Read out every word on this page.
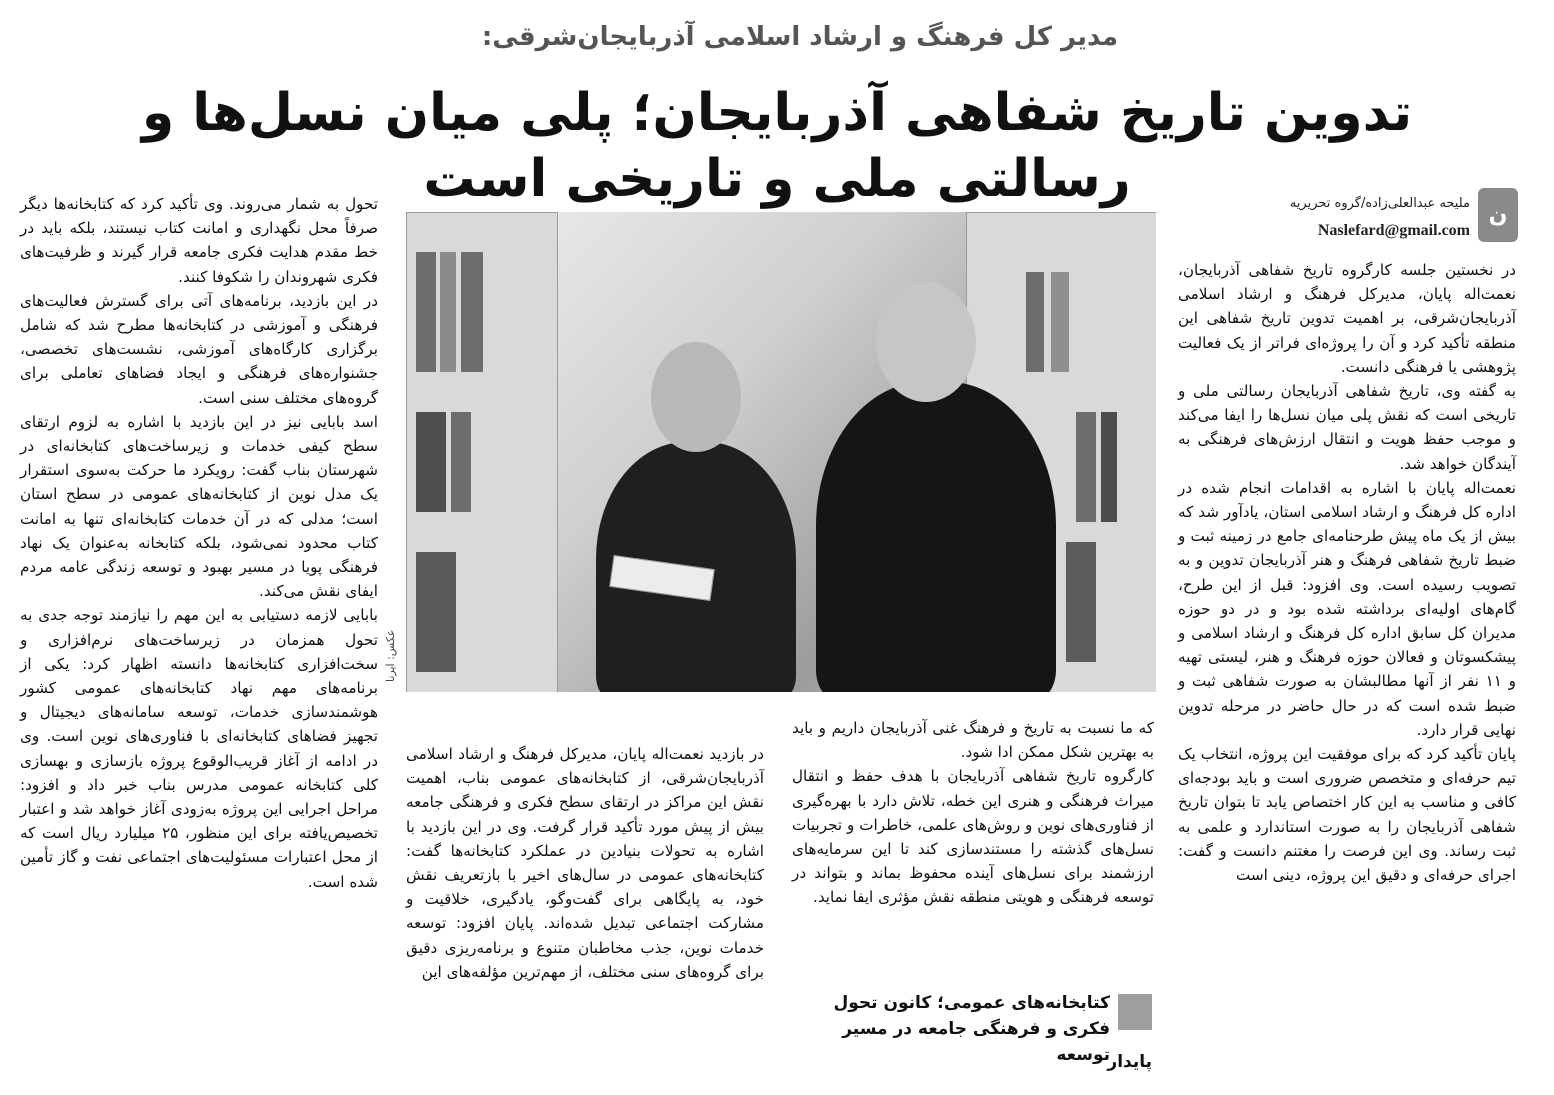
مدیر کل فرهنگ و ارشاد اسلامی آذربایجان‌شرقی:
تدوین تاریخ شفاهی آذربایجان؛ پلی میان نسل‌ها و رسالتی ملی و تاریخی است
ن
ملیحه عبدالعلی‌زاده/گروه تحریریه
Naslefard@gmail.com

در نخستین جلسه کارگروه تاریخ شفاهی آذربایجان، نعمت‌اله پایان، مدیرکل فرهنگ و ارشاد اسلامی آذربایجان‌شرقی، بر اهمیت تدوین تاریخ شفاهی این منطقه تأکید کرد و آن را پروژه‌ای فراتر از یک فعالیت پژوهشی یا فرهنگی دانست.

به گفته وی، تاریخ شفاهی آذربایجان رسالتی ملی و تاریخی است که نقش پلی میان نسل‌ها را ایفا می‌کند و موجب حفظ هویت و انتقال ارزش‌های فرهنگی به آیندگان خواهد شد.

نعمت‌اله پایان با اشاره به اقدامات انجام شده در اداره کل فرهنگ و ارشاد اسلامی استان، یادآور شد که بیش از یک ماه پیش طرحنامه‌ای جامع در زمینه ثبت و ضبط تاریخ شفاهی فرهنگ و هنر آذربایجان تدوین و به تصویب رسیده است. وی افزود: قبل از این طرح، گام‌های اولیه‌ای برداشته شده بود و در دو حوزه مدیران کل سابق اداره کل فرهنگ و ارشاد اسلامی و پیشکسوتان و فعالان حوزه فرهنگ و هنر، لیستی تهیه و ۱۱ نفر از آنها مطالبشان به صورت شفاهی ثبت و ضبط شده است که در حال حاضر در مرحله تدوین نهایی قرار دارد.

پایان تأکید کرد که برای موفقیت این پروژه، انتخاب یک تیم حرفه‌ای و متخصص ضروری است و باید بودجه‌ای کافی و مناسب به این کار اختصاص یابد تا بتوان تاریخ شفاهی آذربایجان را به صورت استاندارد و علمی به ثبت رساند. وی این فرصت را مغتنم دانست و گفت: اجرای حرفه‌ای و دقیق این پروژه، دینی است

عکس: ایرنا

که ما نسبت به تاریخ و فرهنگ غنی آذربایجان داریم و باید به بهترین شکل ممکن ادا شود.

کارگروه تاریخ شفاهی آذربایجان با هدف حفظ و انتقال میراث فرهنگی و هنری این خطه، تلاش دارد با بهره‌گیری از فناوری‌های نوین و روش‌های علمی، خاطرات و تجربیات نسل‌های گذشته را مستندسازی کند تا این سرمایه‌های ارزشمند برای نسل‌های آینده محفوظ بماند و بتواند در توسعه فرهنگی و هویتی منطقه نقش مؤثری ایفا نماید.

کتابخانه‌های عمومی؛ کانون تحول فکری و فرهنگی جامعه در مسیر توسعه
پایدار

در بازدید نعمت‌اله پایان، مدیرکل فرهنگ و ارشاد اسلامی آذربایجان‌شرقی، از کتابخانه‌های عمومی بناب، اهمیت نقش این مراکز در ارتقای سطح فکری و فرهنگی جامعه بیش از پیش مورد تأکید قرار گرفت. وی در این بازدید با اشاره به تحولات بنیادین در عملکرد کتابخانه‌ها گفت: کتابخانه‌های عمومی در سال‌های اخیر با بازتعریف نقش خود، به پایگاهی برای گفت‌وگو، یادگیری، خلاقیت و مشارکت اجتماعی تبدیل شده‌اند. پایان افزود: توسعه خدمات نوین، جذب مخاطبان متنوع و برنامه‌ریزی دقیق برای گروه‌های سنی مختلف، از مهم‌ترین مؤلفه‌های این

تحول به شمار می‌روند. وی تأکید کرد که کتابخانه‌ها دیگر صرفاً محل نگهداری و امانت کتاب نیستند، بلکه باید در خط مقدم هدایت فکری جامعه قرار گیرند و ظرفیت‌های فکری شهروندان را شکوفا کنند.

در این بازدید، برنامه‌های آتی برای گسترش فعالیت‌های فرهنگی و آموزشی در کتابخانه‌ها مطرح شد که شامل برگزاری کارگاه‌های آموزشی، نشست‌های تخصصی، جشنواره‌های فرهنگی و ایجاد فضاهای تعاملی برای گروه‌های مختلف سنی است.

اسد بابایی نیز در این بازدید با اشاره به لزوم ارتقای سطح کیفی خدمات و زیرساخت‌های کتابخانه‌ای در شهرستان بناب گفت: رویکرد ما حرکت به‌سوی استقرار یک مدل نوین از کتابخانه‌های عمومی در سطح استان است؛ مدلی که در آن خدمات کتابخانه‌ای تنها به امانت کتاب محدود نمی‌شود، بلکه کتابخانه به‌عنوان یک نهاد فرهنگی پویا در مسیر بهبود و توسعه زندگی عامه مردم ایفای نقش می‌کند.

بابایی لازمه دستیابی به این مهم را نیازمند توجه جدی به تحول همزمان در زیرساخت‌های نرم‌افزاری و سخت‌افزاری کتابخانه‌ها دانسته اظهار کرد: یکی از برنامه‌های مهم نهاد کتابخانه‌های عمومی کشور هوشمندسازی خدمات، توسعه سامانه‌های دیجیتال و تجهیز فضاهای کتابخانه‌ای با فناوری‌های نوین است. وی در ادامه از آغاز قریب‌الوقوع پروژه بازسازی و بهسازی کلی کتابخانه عمومی مدرس بناب خبر داد و افزود: مراحل اجرایی این پروژه به‌زودی آغاز خواهد شد و اعتبار تخصیص‌یافته برای این منظور، ۲۵ میلیارد ریال است که از محل اعتبارات مسئولیت‌های اجتماعی نفت و گاز تأمین شده است.
